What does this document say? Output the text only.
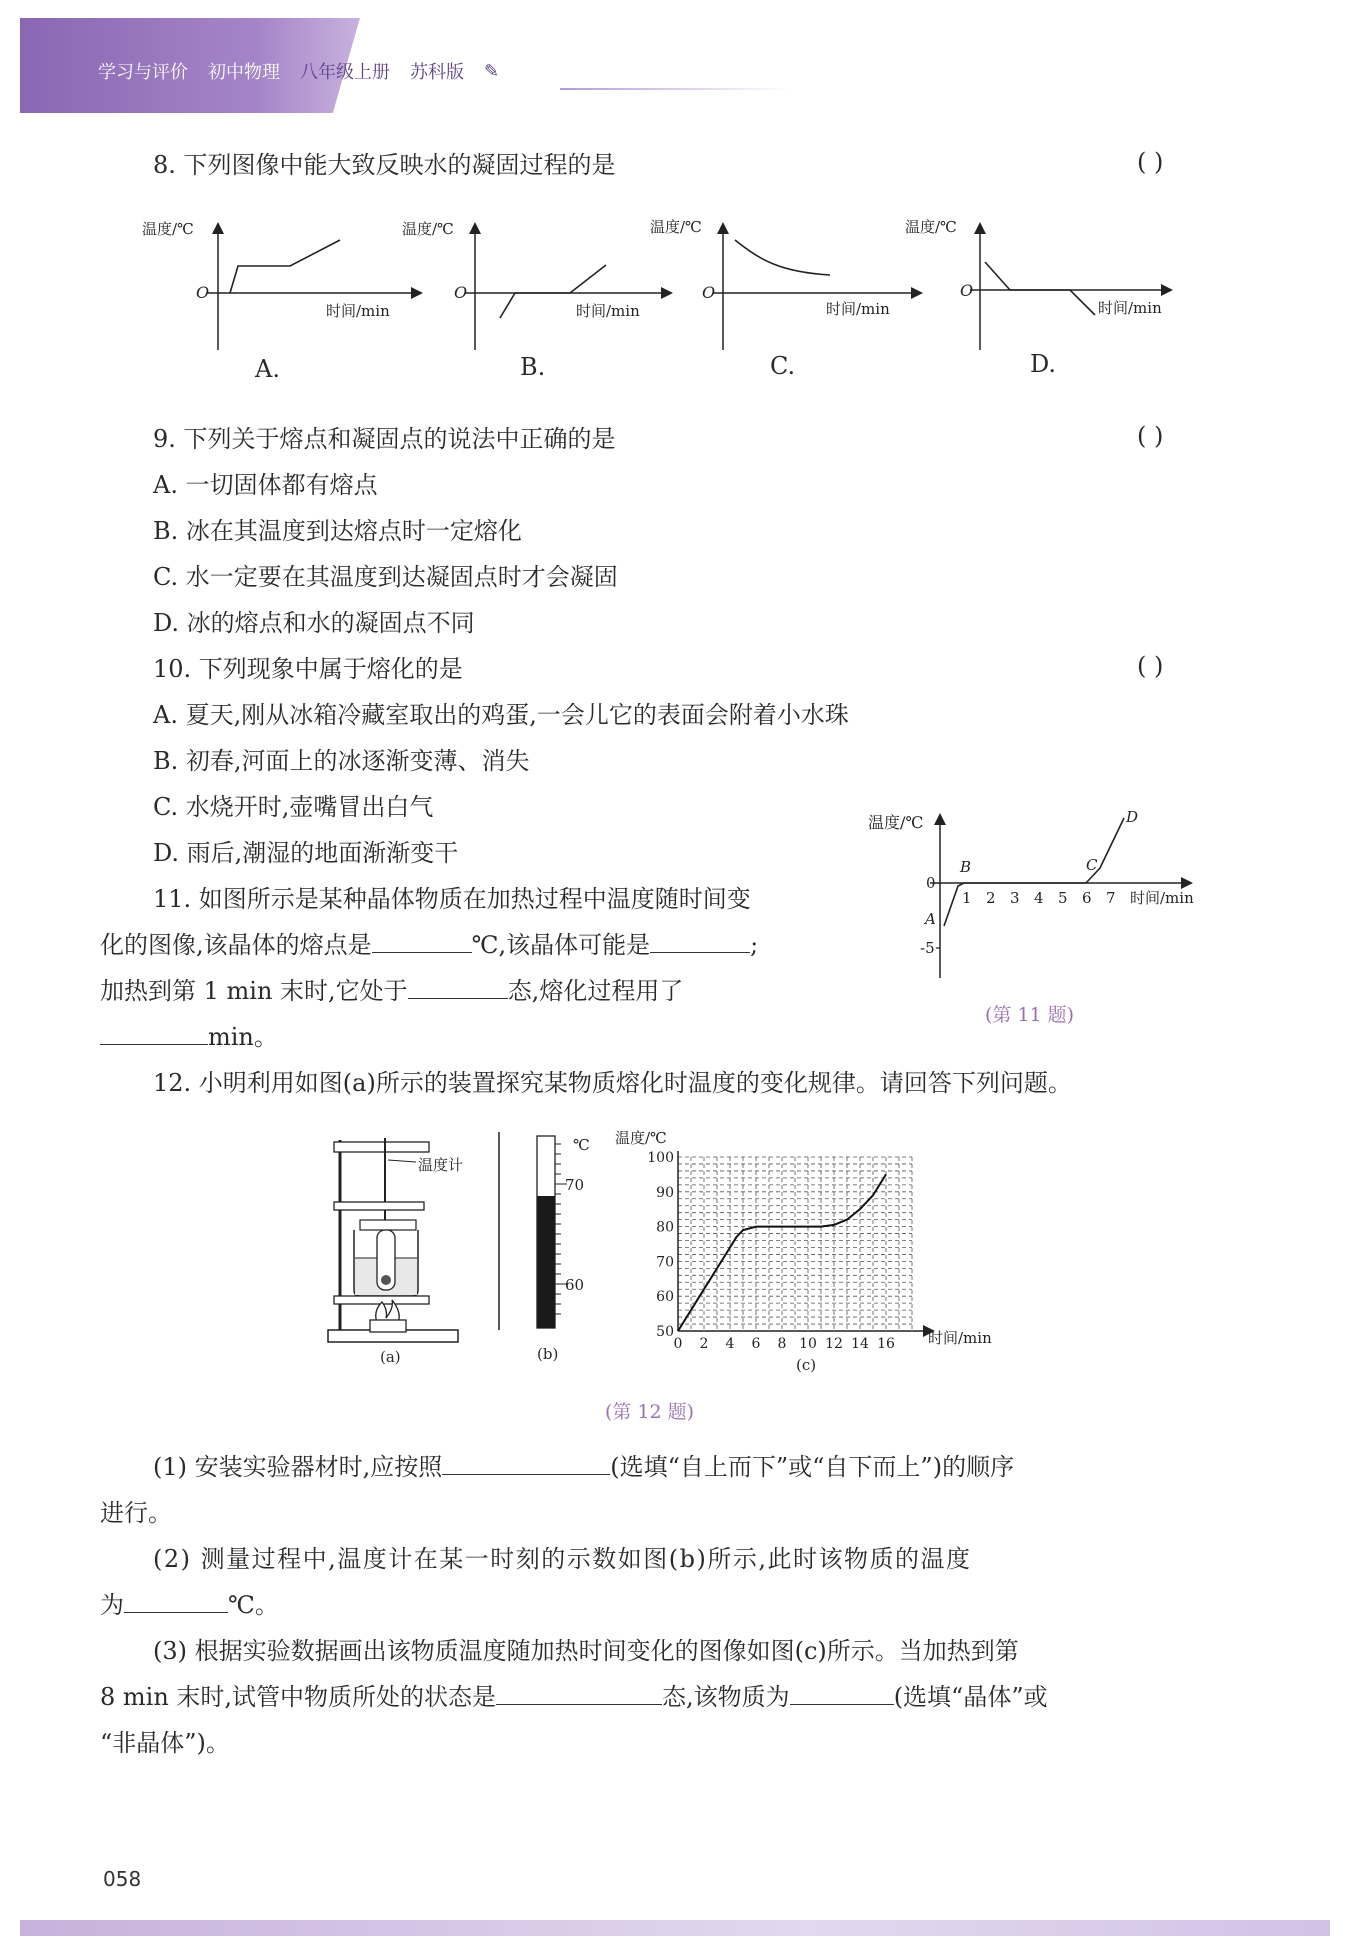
学习与评价 初中物理 八年级上册 苏科版 ✎
8. 下列图像中能大致反映水的凝固过程的是	( )
温度/℃
O
时间/min
温度/℃
O
时间/min
温度/℃
O
时间/min
温度/℃
O
时间/min
A.	B.	C.	D.
9. 下列关于熔点和凝固点的说法中正确的是	( )
A. 一切固体都有熔点
B. 冰在其温度到达熔点时一定熔化
C. 水一定要在其温度到达凝固点时才会凝固
D. 冰的熔点和水的凝固点不同
10. 下列现象中属于熔化的是	( )
A. 夏天,刚从冰箱冷藏室取出的鸡蛋,一会儿它的表面会附着小水珠
B. 初春,河面上的冰逐渐变薄、消失
C. 水烧开时,壶嘴冒出白气
D. 雨后,潮湿的地面渐渐变干
11. 如图所示是某种晶体物质在加热过程中温度随时间变
化的图像,该晶体的熔点是	℃,该晶体可能是	;
加热到第 1 min 末时,它处于	态,熔化过程用了
min。
温度/℃
0
-5
1 2 3 4 5 6 7 时间/min
A
B	C
D
(第 11 题)
12. 小明利用如图(a)所示的装置探究某物质熔化时温度的变化规律。请回答下列问题。
温度计
(a)
℃
70
60
(b)
50
60
70
80
90
100
0 2 4 6 8 10 12 14 16
温度/℃
时间/min
(c)
(第 12 题)
(1) 安装实验器材时,应按照	(选填“自上而下”或“自下而上”)的顺序
进行。
(2) 测量过程中,温度计在某一时刻的示数如图(b)所示,此时该物质的温度
为	℃。
(3) 根据实验数据画出该物质温度随加热时间变化的图像如图(c)所示。当加热到第
8 min 末时,试管中物质所处的状态是	态,该物质为	(选填“晶体”或
“非晶体”)。
058
